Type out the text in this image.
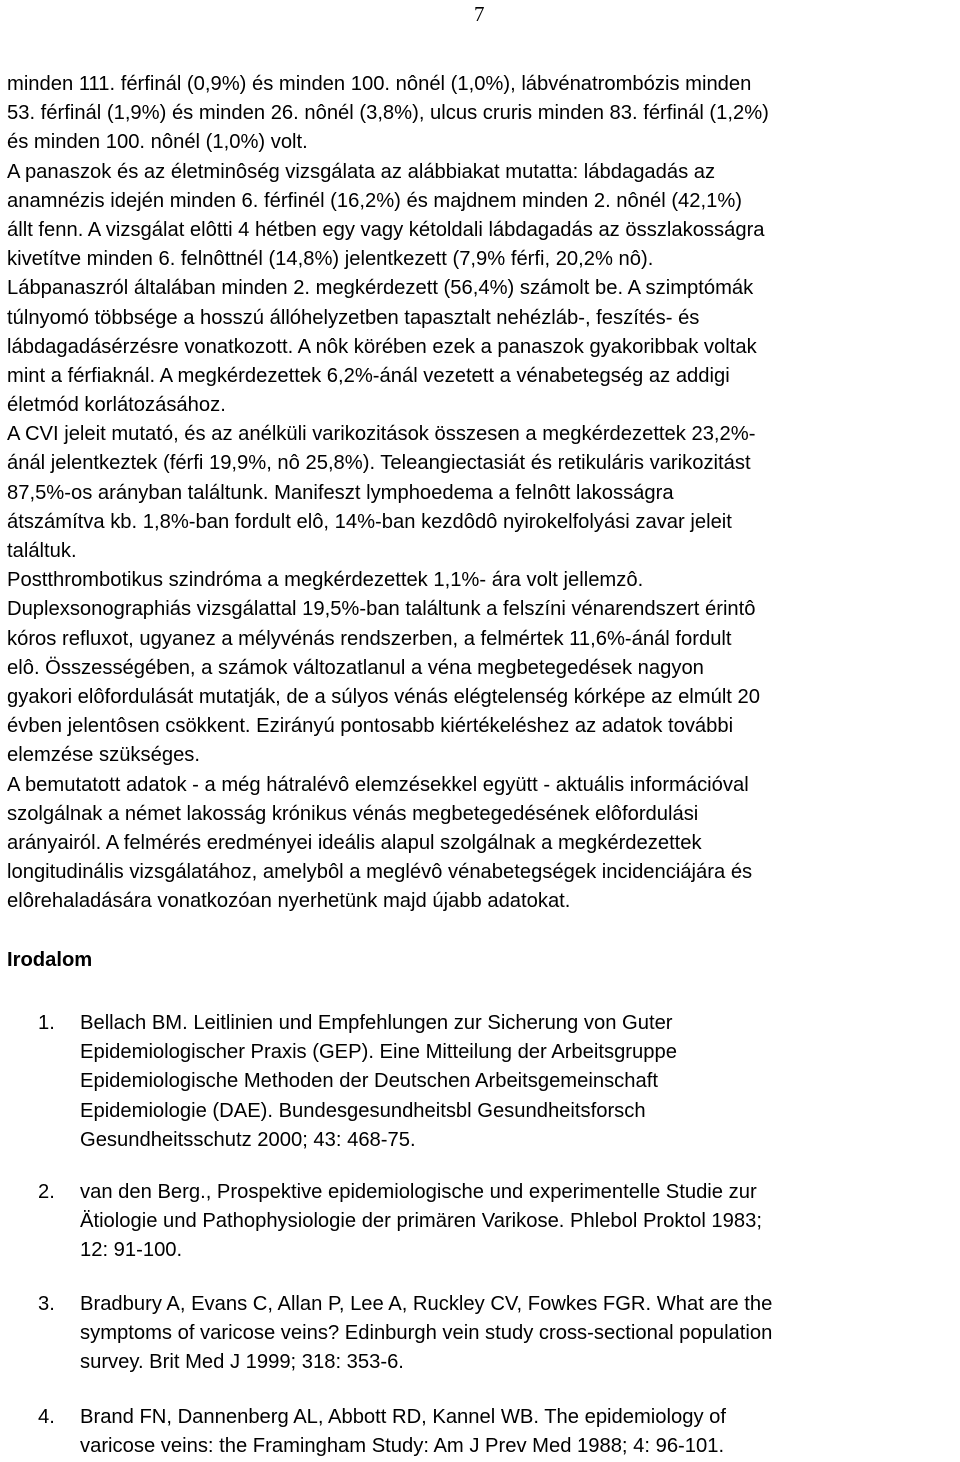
7
minden 111. férfinál (0,9%) és minden 100. nônél (1,0%), lábvénatrombózis minden
53. férfinál (1,9%) és minden 26. nônél (3,8%), ulcus cruris minden 83. férfinál (1,2%)
és minden 100. nônél (1,0%) volt.
A panaszok és az életminôség vizsgálata az alábbiakat mutatta: lábdagadás az
anamnézis idején minden 6. férfinél (16,2%) és majdnem minden 2. nônél (42,1%)
állt fenn. A vizsgálat elôtti 4 hétben egy vagy kétoldali lábdagadás az összlakosságra
kivetítve minden 6. felnôttnél (14,8%) jelentkezett (7,9% férfi, 20,2% nô).
Lábpanaszról általában minden 2. megkérdezett (56,4%) számolt be. A szimptómák
túlnyomó többsége a hosszú állóhelyzetben tapasztalt nehézláb-, feszítés- és
lábdagadásérzésre vonatkozott. A nôk körében ezek a panaszok gyakoribbak voltak
mint a férfiaknál. A megkérdezettek 6,2%-ánál vezetett a vénabetegség az addigi
életmód korlátozásához.
A CVI jeleit mutató, és az anélküli varikozitások összesen a megkérdezettek 23,2%-
ánál jelentkeztek (férfi 19,9%, nô 25,8%). Teleangiectasiát és retikuláris varikozitást
87,5%-os arányban találtunk. Manifeszt lymphoedema a felnôtt lakosságra
átszámítva kb. 1,8%-ban fordult elô, 14%-ban kezdôdô nyirokelfolyási zavar jeleit
találtuk.
Postthrombotikus szindróma a megkérdezettek 1,1%- ára volt jellemzô.
Duplexsonographiás vizsgálattal 19,5%-ban találtunk a felszíni vénarendszert érintô
kóros refluxot, ugyanez a mélyvénás rendszerben, a felmértek 11,6%-ánál fordult
elô. Összességében, a számok változatlanul a véna megbetegedések nagyon
gyakori elôfordulását mutatják, de a súlyos vénás elégtelenség kórképe az elmúlt 20
évben jelentôsen csökkent. Ezirányú pontosabb kiértékeléshez az adatok további
elemzése szükséges.
A bemutatott adatok - a még hátralévô elemzésekkel együtt - aktuális információval
szolgálnak a német lakosság krónikus vénás megbetegedésének elôfordulási
arányairól. A felmérés eredményei ideális alapul szolgálnak a megkérdezettek
longitudinális vizsgálatához, amelybôl a meglévô vénabetegségek incidenciájára és
elôrehaladására vonatkozóan nyerhetünk majd újabb adatokat.
Irodalom
1. Bellach BM. Leitlinien und Empfehlungen zur Sicherung von Guter
Epidemiologischer Praxis (GEP). Eine Mitteilung der Arbeitsgruppe
Epidemiologische Methoden der Deutschen Arbeitsgemeinschaft
Epidemiologie (DAE). Bundesgesundheitsbl Gesundheitsforsch
Gesundheitsschutz 2000; 43: 468-75.
2. van den Berg., Prospektive epidemiologische und experimentelle Studie zur
Ätiologie und Pathophysiologie der primären Varikose. Phlebol Proktol 1983;
12: 91-100.
3. Bradbury A, Evans C, Allan P, Lee A, Ruckley CV, Fowkes FGR. What are the
symptoms of varicose veins? Edinburgh vein study cross-sectional population
survey. Brit Med J 1999; 318: 353-6.
4. Brand FN, Dannenberg AL, Abbott RD, Kannel WB. The epidemiology of
varicose veins: the Framingham Study: Am J Prev Med 1988; 4: 96-101.
